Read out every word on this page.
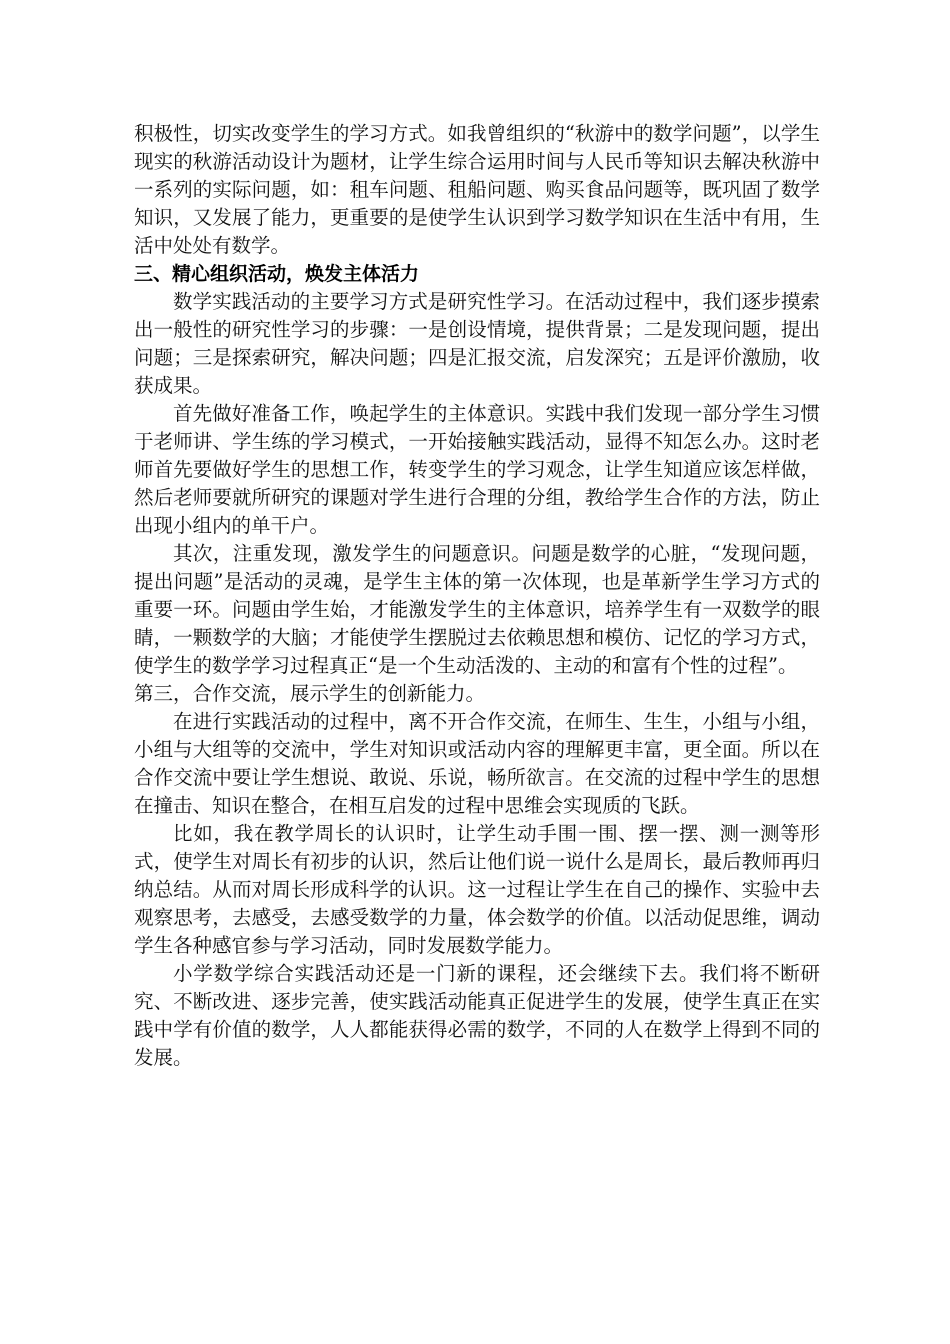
积极性，切实改变学生的学习方式。如我曾组织的“秋游中的数学问题”，以学生现实的秋游活动设计为题材，让学生综合运用时间与人民币等知识去解决秋游中一系列的实际问题，如：租车问题、租船问题、购买食品问题等，既巩固了数学知识，又发展了能力，更重要的是使学生认识到学习数学知识在生活中有用，生活中处处有数学。

三、精心组织活动，焕发主体活力

数学实践活动的主要学习方式是研究性学习。在活动过程中，我们逐步摸索出一般性的研究性学习的步骤：一是创设情境，提供背景；二是发现问题，提出问题；三是探索研究，解决问题；四是汇报交流，启发深究；五是评价激励，收获成果。

首先做好准备工作，唤起学生的主体意识。实践中我们发现一部分学生习惯于老师讲、学生练的学习模式，一开始接触实践活动，显得不知怎么办。这时老师首先要做好学生的思想工作，转变学生的学习观念，让学生知道应该怎样做，然后老师要就所研究的课题对学生进行合理的分组，教给学生合作的方法，防止出现小组内的单干户。

其次，注重发现，激发学生的问题意识。问题是数学的心脏，“发现问题，提出问题”是活动的灵魂，是学生主体的第一次体现，也是革新学生学习方式的重要一环。问题由学生始，才能激发学生的主体意识，培养学生有一双数学的眼睛，一颗数学的大脑；才能使学生摆脱过去依赖思想和模仿、记忆的学习方式，使学生的数学学习过程真正“是一个生动活泼的、主动的和富有个性的过程”。

第三，合作交流，展示学生的创新能力。

在进行实践活动的过程中，离不开合作交流，在师生、生生，小组与小组，小组与大组等的交流中，学生对知识或活动内容的理解更丰富，更全面。所以在合作交流中要让学生想说、敢说、乐说，畅所欲言。在交流的过程中学生的思想在撞击、知识在整合，在相互启发的过程中思维会实现质的飞跃。

比如，我在教学周长的认识时，让学生动手围一围、摆一摆、测一测等形式，使学生对周长有初步的认识，然后让他们说一说什么是周长，最后教师再归纳总结。从而对周长形成科学的认识。这一过程让学生在自己的操作、实验中去观察思考，去感受，去感受数学的力量，体会数学的价值。以活动促思维，调动学生各种感官参与学习活动，同时发展数学能力。

小学数学综合实践活动还是一门新的课程，还会继续下去。我们将不断研究、不断改进、逐步完善，使实践活动能真正促进学生的发展，使学生真正在实践中学有价值的数学，人人都能获得必需的数学，不同的人在数学上得到不同的发展。
